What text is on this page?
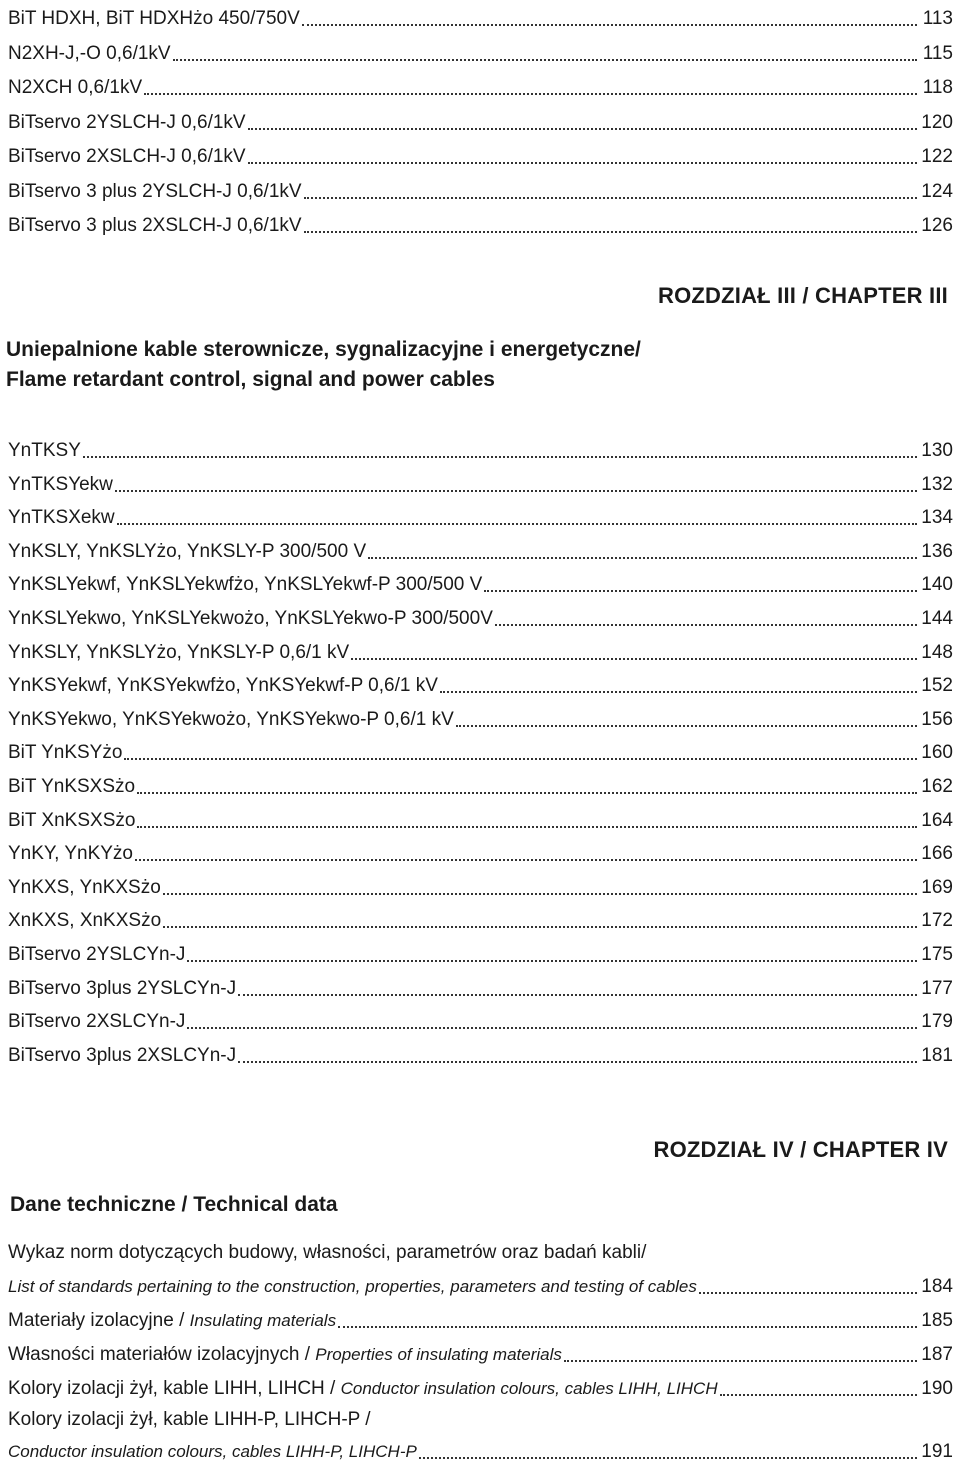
BiT HDXH, BiT HDXHżo 450/750V	113
N2XH-J,-O 0,6/1kV	115
N2XCH 0,6/1kV	118
BiTservo 2YSLCH-J 0,6/1kV	120
BiTservo 2XSLCH-J 0,6/1kV	122
BiTservo 3 plus 2YSLCH-J 0,6/1kV	124
BiTservo 3 plus 2XSLCH-J 0,6/1kV	126
ROZDZIAŁ III / CHAPTER III
Uniepalnione kable sterownicze, sygnalizacyjne i energetyczne/
Flame retardant control, signal and power cables
YnTKSY	130
YnTKSYekw	132
YnTKSXekw	134
YnKSLY, YnKSLYżo, YnKSLY-P 300/500 V	136
YnKSLYekwf, YnKSLYekwfżo, YnKSLYekwf-P 300/500 V	140
YnKSLYekwo, YnKSLYekwożo, YnKSLYekwo-P 300/500V	144
YnKSLY, YnKSLYżo, YnKSLY-P 0,6/1 kV	148
YnKSYekwf, YnKSYekwfżo, YnKSYekwf-P 0,6/1 kV	152
YnKSYekwo, YnKSYekwożo, YnKSYekwo-P 0,6/1 kV	156
BiT YnKSYżo	160
BiT YnKSXSżo	162
BiT XnKSXSżo	164
YnKY, YnKYżo	166
YnKXS, YnKXSżo	169
XnKXS, XnKXSżo	172
BiTservo 2YSLCYn-J	175
BiTservo 3plus 2YSLCYn-J	177
BiTservo 2XSLCYn-J	179
BiTservo 3plus 2XSLCYn-J	181
ROZDZIAŁ IV / CHAPTER IV
Dane techniczne / Technical data
Wykaz norm dotyczących budowy, własności, parametrów oraz badań kabli/
List of standards pertaining to the construction, properties, parameters and testing of cables	184
Materiały izolacyjne / Insulating materials	185
Własności materiałów izolacyjnych / Properties of insulating materials	187
Kolory izolacji żył, kable LIHH, LIHCH / Conductor insulation colours, cables LIHH, LIHCH	190
Kolory izolacji żył, kable LIHH-P, LIHCH-P /
Conductor insulation colours, cables LIHH-P, LIHCH-P	191
